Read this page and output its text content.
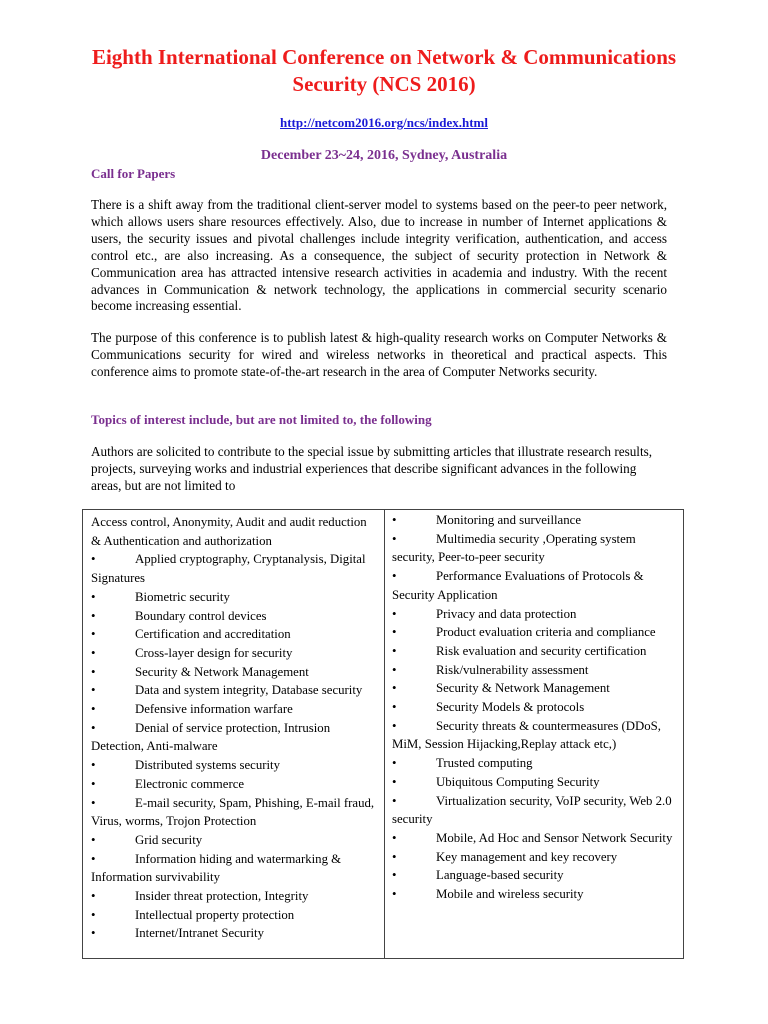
Eighth International Conference on Network & Communications Security (NCS 2016)
http://netcom2016.org/ncs/index.html
December 23~24, 2016, Sydney, Australia
Call for Papers

There is a shift away from the traditional client-server model to systems based on the peer-to peer network, which allows users share resources effectively. Also, due to increase in number of Internet applications & users, the security issues and pivotal challenges include integrity verification, authentication, and access control etc., are also increasing. As a consequence, the subject of security protection in Network & Communication area has attracted intensive research activities in academia and industry. With the recent advances in Communication & network technology, the applications in commercial security scenario become increasing essential.

The purpose of this conference is to publish latest & high-quality research works on Computer Networks & Communications security for wired and wireless networks in theoretical and practical aspects. This conference aims to promote state-of-the-art research in the area of Computer Networks security.

Topics of interest include, but are not limited to, the following

Authors are solicited to contribute to the special issue by submitting articles that illustrate research results, projects, surveying works and industrial experiences that describe significant advances in the following areas, but are not limited to

Access control, Anonymity, Audit and audit reduction & Authentication and authorization

•	Applied cryptography, Cryptanalysis, Digital Signatures

•	Biometric security

•	Boundary control devices

•	Certification and accreditation

•	Cross-layer design for security

•	Security & Network Management

•	Data and system integrity, Database security

•	Defensive information warfare

•	Denial of service protection, Intrusion Detection, Anti-malware

•	Distributed systems security

•	Electronic commerce

•	E-mail security, Spam, Phishing, E-mail fraud, Virus, worms, Trojon Protection

•	Grid security

•	Information hiding and watermarking & Information survivability

•	Insider threat protection, Integrity

•	Intellectual property protection

•	Internet/Intranet Security

•	Monitoring and surveillance

•	Multimedia security ,Operating system security, Peer-to-peer security

•	Performance Evaluations of Protocols & Security Application

•	Privacy and data protection

•	Product evaluation criteria and compliance

•	Risk evaluation and security certification

•	Risk/vulnerability assessment

•	Security & Network Management

•	Security Models & protocols

•	Security threats & countermeasures (DDoS, MiM, Session Hijacking,Replay attack etc,)

•	Trusted computing

•	Ubiquitous Computing Security

•	Virtualization security, VoIP security, Web 2.0 security

•	Mobile, Ad Hoc and Sensor Network Security

•	Key management and key recovery

•	Language-based security

•	Mobile and wireless security
